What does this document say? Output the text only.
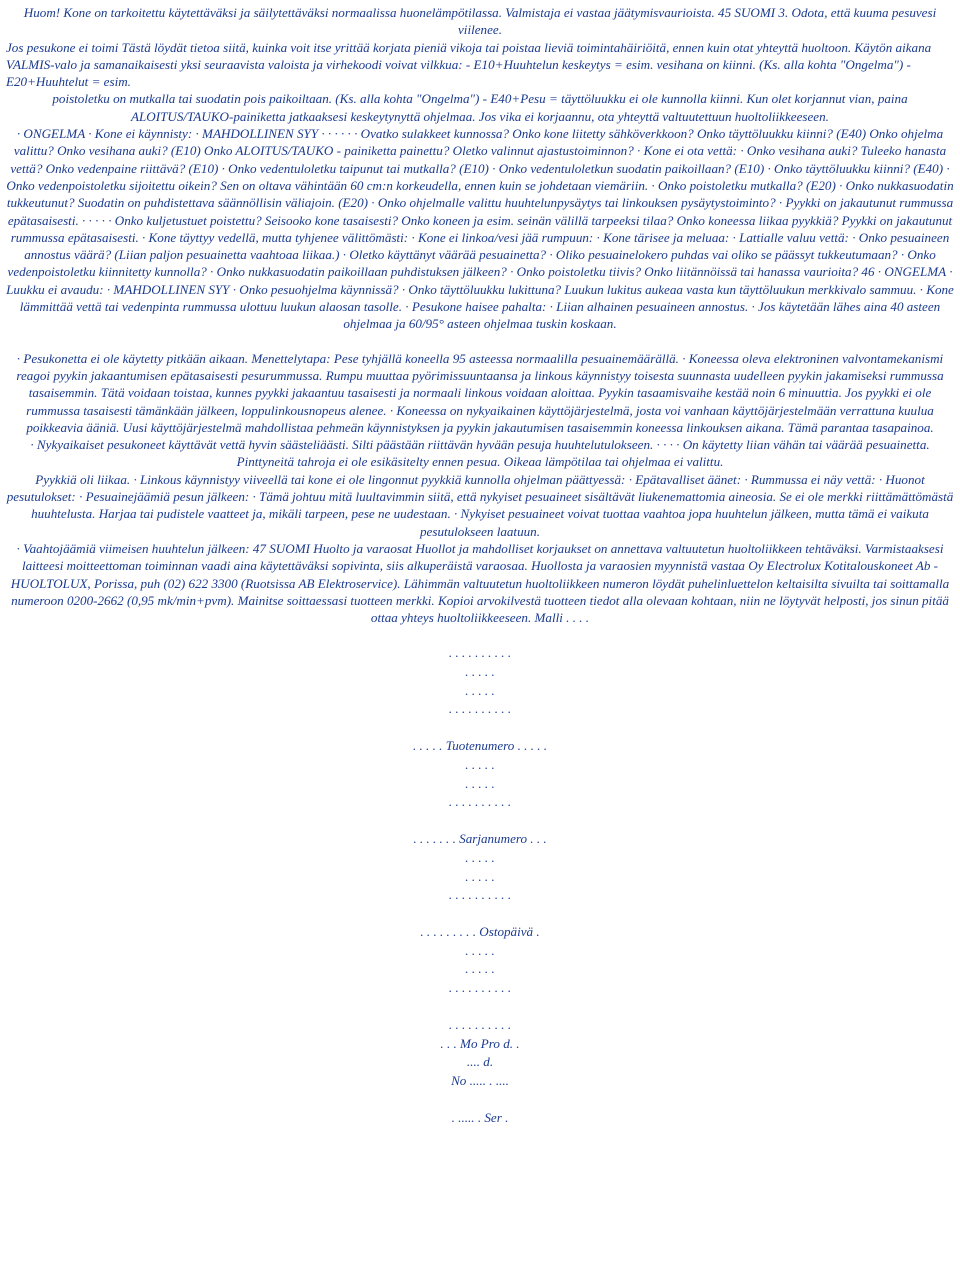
Huom! Kone on tarkoitettu käytettäväksi ja säilytettäväksi normaalissa huonelämpötilassa. Valmistaja ei vastaa jäätymisvaurioista. 45 SUOMI 3. Odota, että kuuma pesuvesi viilenee.

Jos pesukone ei toimi Tästä löydät tietoa siitä, kuinka voit itse yrittää korjata pieniä vikoja tai poistaa lieviä toimintahäiriöitä, ennen kuin otat yhteyttä huoltoon. Käytön aikana VALMIS-valo ja samanaikaisesti yksi seuraavista valoista ja virhekoodi voivat vilkkua: - E10+Huuhtelun keskeytys = esim. vesihana on kiinni. (Ks. alla kohta "Ongelma") - E20+Huuhtelut = esim.

poistoletku on mutkalla tai suodatin pois paikoiltaan. (Ks. alla kohta "Ongelma") - E40+Pesu = täyttöluukku ei ole kunnolla kiinni. Kun olet korjannut vian, paina ALOITUS/TAUKO-painiketta jatkaaksesi keskeytynyttä ohjelmaa. Jos vika ei korjaannu, ota yhteyttä valtuutettuun huoltoliikkeeseen.

· ONGELMA · Kone ei käynnisty: · MAHDOLLINEN SYY · · · · · · Ovatko sulakkeet kunnossa? Onko kone liitetty sähköverkkoon? Onko täyttöluukku kiinni? (E40) Onko ohjelma valittu? Onko vesihana auki? (E10) Onko ALOITUS/TAUKO - painiketta painettu? Oletko valinnut ajastustoiminnon? · Kone ei ota vettä: · Onko vesihana auki? Tuleeko hanasta vettä? Onko vedenpaine riittävä? (E10) · Onko vedentuloletku taipunut tai mutkalla? (E10) · Onko vedentuloletkun suodatin paikoillaan? (E10) · Onko täyttöluukku kiinni? (E40) · Onko vedenpoistoletku sijoitettu oikein? Sen on oltava vähintään 60 cm:n korkeudella, ennen kuin se johdetaan viemäriin. · Onko poistoletku mutkalla? (E20) · Onko nukkasuodatin tukkeutunut? Suodatin on puhdistettava säännöllisin väliajoin. (E20) · Onko ohjelmalle valittu huuhtelunpysäytys tai linkouksen pysäytystoiminto? · Pyykki on jakautunut rummussa epätasaisesti. · · · · · Onko kuljetustuet poistettu? Seisooko kone tasaisesti? Onko koneen ja esim. seinän välillä tarpeeksi tilaa? Onko koneessa liikaa pyykkiä? Pyykki on jakautunut rummussa epätasaisesti. · Kone täyttyy vedellä, mutta tyhjenee välittömästi: · Kone ei linkoa/vesi jää rumpuun: · Kone tärisee ja meluaa: · Lattialle valuu vettä: · Onko pesuaineen annostus väärä? (Liian paljon pesuainetta vaahtoaa liikaa.) · Oletko käyttänyt väärää pesuainetta? · Oliko pesuainelokero puhdas vai oliko se päässyt tukkeutumaan? · Onko vedenpoistoletku kiinnitetty kunnolla? · Onko nukkasuodatin paikoillaan puhdistuksen jälkeen? · Onko poistoletku tiivis? Onko liitännöissä tai hanassa vaurioita? 46 · ONGELMA · Luukku ei avaudu: · MAHDOLLINEN SYY · Onko pesuohjelma käynnissä? · Onko täyttöluukku lukittuna? Luukun lukitus aukeaa vasta kun täyttöluukun merkkivalo sammuu. · Kone lämmittää vettä tai vedenpinta rummussa ulottuu luukun alaosan tasolle. · Pesukone haisee pahalta: · Liian alhainen pesuaineen annostus. · Jos käytetään lähes aina 40 asteen ohjelmaa ja 60/95° asteen ohjelmaa tuskin koskaan.

· Pesukonetta ei ole käytetty pitkään aikaan. Menettelytapa: Pese tyhjällä koneella 95 asteessa normaalilla pesuainemäärällä. · Koneessa oleva elektroninen valvontamekanismi reagoi pyykin jakaantumisen epätasaisesti pesurummussa. Rumpu muuttaa pyörimissuuntaansa ja linkous käynnistyy toisesta suunnasta uudelleen pyykin jakamiseksi rummussa tasaisemmin. Tätä voidaan toistaa, kunnes pyykki jakaantuu tasaisesti ja normaali linkous voidaan aloittaa. Pyykin tasaamisvaihe kestää noin 6 minuuttia. Jos pyykki ei ole rummussa tasaisesti tämänkään jälkeen, loppulinkousnopeus alenee. · Koneessa on nykyaikainen käyttöjärjestelmä, josta voi vanhaan käyttöjärjestelmään verrattuna kuulua poikkeavia ääniä. Uusi käyttöjärjestelmä mahdollistaa pehmeän käynnistyksen ja pyykin jakautumisen tasaisemmin koneessa linkouksen aikana. Tämä parantaa tasapainoa.

· Nykyaikaiset pesukoneet käyttävät vettä hyvin säästeliäästi. Silti päästään riittävän hyvään pesuja huuhtelutulokseen. · · · · On käytetty liian vähän tai väärää pesuainetta. Pinttyneitä tahroja ei ole esikäsitelty ennen pesua. Oikeaa lämpötilaa tai ohjelmaa ei valittu.

Pyykkiä oli liikaa. · Linkous käynnistyy viiveellä tai kone ei ole lingonnut pyykkiä kunnolla ohjelman päättyessä: · Epätavalliset äänet: · Rummussa ei näy vettä: · Huonot pesutulokset: · Pesuainejäämiä pesun jälkeen: · Tämä johtuu mitä luultavimmin siitä, että nykyiset pesuaineet sisältävät liukenemattomia aineosia. Se ei ole merkki riittämättömästä huuhtelusta. Harjaa tai pudistele vaatteet ja, mikäli tarpeen, pese ne uudestaan. · Nykyiset pesuaineet voivat tuottaa vaahtoa jopa huuhtelun jälkeen, mutta tämä ei vaikuta pesutulokseen laatuun.

· Vaahtojäämiä viimeisen huuhtelun jälkeen: 47 SUOMI Huolto ja varaosat Huollot ja mahdolliset korjaukset on annettava valtuutetun huoltoliikkeen tehtäväksi. Varmistaaksesi laitteesi moitteettoman toiminnan vaadi aina käytettäväksi sopivinta, siis alkuperäistä varaosaa. Huollosta ja varaosien myynnistä vastaa Oy Electrolux Kotitalouskoneet Ab - HUOLTOLUX, Porissa, puh (02) 622 3300 (Ruotsissa AB Elektroservice). Lähimmän valtuutetun huoltoliikkeen numeron löydät puhelinluettelon keltaisilta sivuilta tai soittamalla numeroon 0200-2662 (0,95 mk/min+pvm). Mainitse soittaessasi tuotteen merkki. Kopioi arvokilvestä tuotteen tiedot alla olevaan kohtaan, niin ne löytyvät helposti, jos sinun pitää ottaa yhteys huoltoliikkeeseen. Malli . . . .

. . . . . . . . . .
. . . . .
. . . . .
. . . . . . . . . .
. . . . . Tuotenumero . . . . .
. . . . .
. . . . .
. . . . . . . . . .
. . . . . . . Sarjanumero . . .
. . . . .
. . . . .
. . . . . . . . . .
. . . . . . . . . Ostopäivä .
. . . . .
. . . . .
. . . . . . . . . .
. . . . . . . . . .
. . . Mo Pro d. .
.... d.
No ..... . ....
. ..... . Ser .
